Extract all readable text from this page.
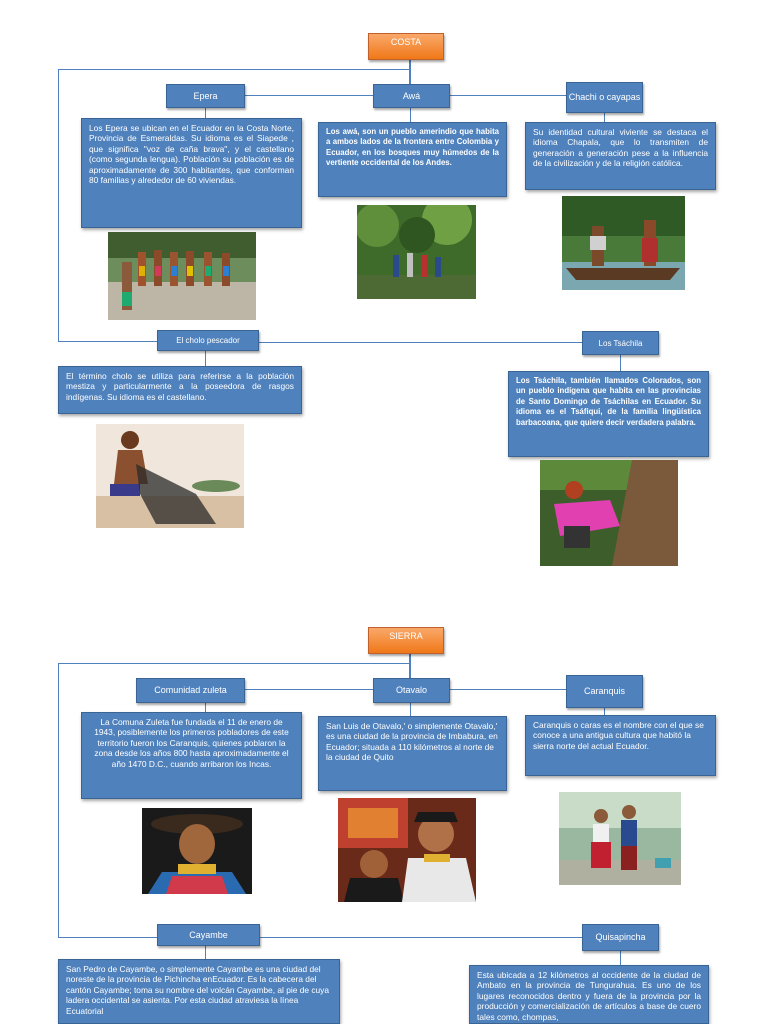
COSTA
Epera	Awá	Chachi o cayapas
Los Epera se ubican en el Ecuador en la Costa Norte, Provincia de Esmeraldas. Su idioma es el Siapede , que significa "voz de caña brava", y el castellano (como segunda lengua). Población su población es de aproximadamente de 300 habitantes, que conforman 80 familias y alrededor de 60 viviendas.
Los awá, son un pueblo amerindio que habita a ambos lados de la frontera entre Colombia y Ecuador, en los bosques muy húmedos de la vertiente occidental de los Andes.
Su identidad cultural viviente se destaca el idioma Chapala, que lo transmiten de generación a generación pese a la influencia de la civilización y de la religión católica.
El cholo pescador	Los Tsáchila
El término cholo se utiliza para referirse a la población mestiza y particularmente a la poseedora de rasgos indígenas. Su idioma es el castellano.
Los Tsáchila, también llamados Colorados, son un pueblo indígena que habita en las provincias de Santo Domingo de Tsáchilas en Ecuador. Su idioma es el Tsáfiqui, de la familia lingüística barbacoana, que quiere decir verdadera palabra.
SIERRA
Comunidad zuleta	Otavalo	Caranquis
La Comuna Zuleta fue fundada el 11 de enero de 1943, posiblemente los primeros pobladores de este territorio fueron los Caranquis, quienes poblaron la zona desde los años 800 hasta aproximadamente el año 1470 D.C., cuando arribaron los Incas.
San Luis de Otavalo,' o simplemente Otavalo,' es una ciudad de la provincia de Imbabura, en Ecuador; situada a 110 kilómetros al norte de la ciudad de Quito
Caranquis o caras es el nombre con el que se conoce a una antigua cultura que habitó la sierra norte del actual Ecuador.
Cayambe	Quisapincha
San Pedro de Cayambe, o simplemente Cayambe es una ciudad del noreste de la provincia de Pichincha enEcuador. Es la cabecera del cantón Cayambe; toma su nombre del volcán Cayambe, al pie de cuya ladera occidental se asienta. Por esta ciudad atraviesa la línea Ecuatorial
Esta ubicada a 12 kilómetros al occidente de la ciudad de Ambato en la provincia de Tungurahua. Es uno de los lugares reconocidos dentro y fuera de la provincia por la producción y comercialización de artículos a base de cuero tales como, chompas,
